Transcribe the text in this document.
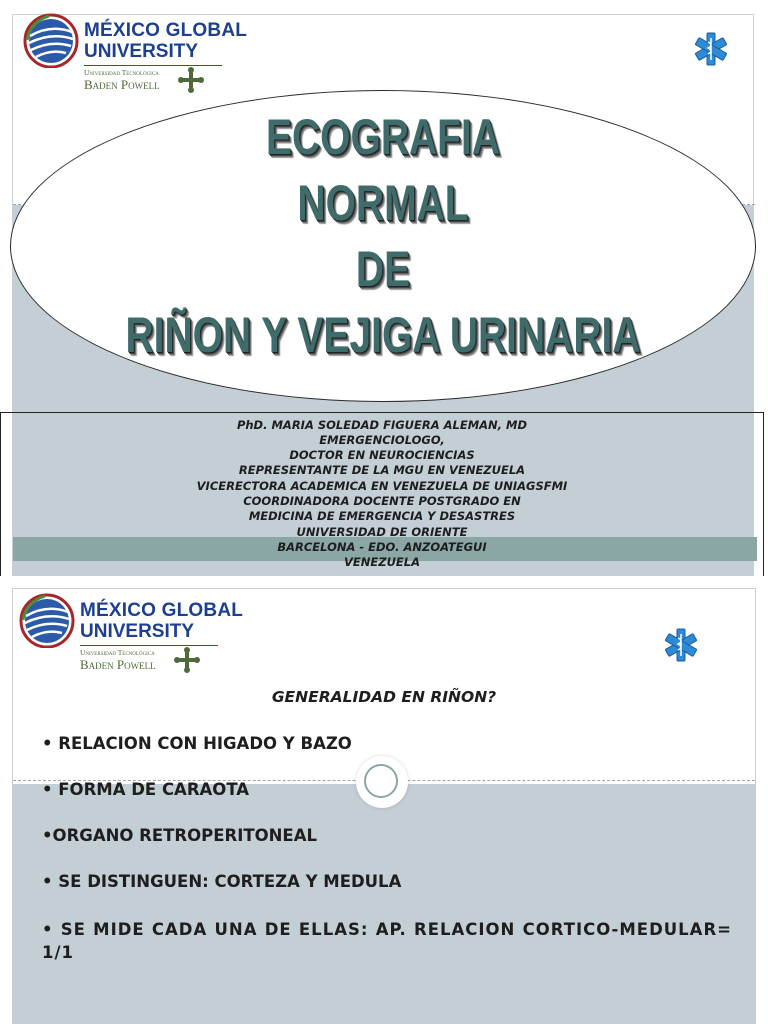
MÉXICO GLOBAL
UNIVERSITY
Universidad Tecnológica
Baden Powell
ECOGRAFIA
NORMAL
DE
RIÑON Y VEJIGA URINARIA
PhD. MARIA SOLEDAD FIGUERA ALEMAN, MD
EMERGENCIOLOGO,
DOCTOR EN NEUROCIENCIAS
REPRESENTANTE DE LA MGU EN VENEZUELA
VICERECTORA ACADEMICA EN VENEZUELA DE UNIAGSFMI
COORDINADORA DOCENTE POSTGRADO EN
MEDICINA DE EMERGENCIA Y DESASTRES
UNIVERSIDAD DE ORIENTE
BARCELONA - EDO. ANZOATEGUI
VENEZUELA
MÉXICO GLOBAL
UNIVERSITY
Universidad Tecnológica
Baden Powell
GENERALIDAD EN RIÑON?
• RELACION CON HIGADO Y BAZO
• FORMA DE CARAOTA
•ORGANO RETROPERITONEAL
• SE DISTINGUEN: CORTEZA Y MEDULA
• SE MIDE CADA UNA DE ELLAS: AP. RELACION CORTICO-MEDULAR= 1/1
